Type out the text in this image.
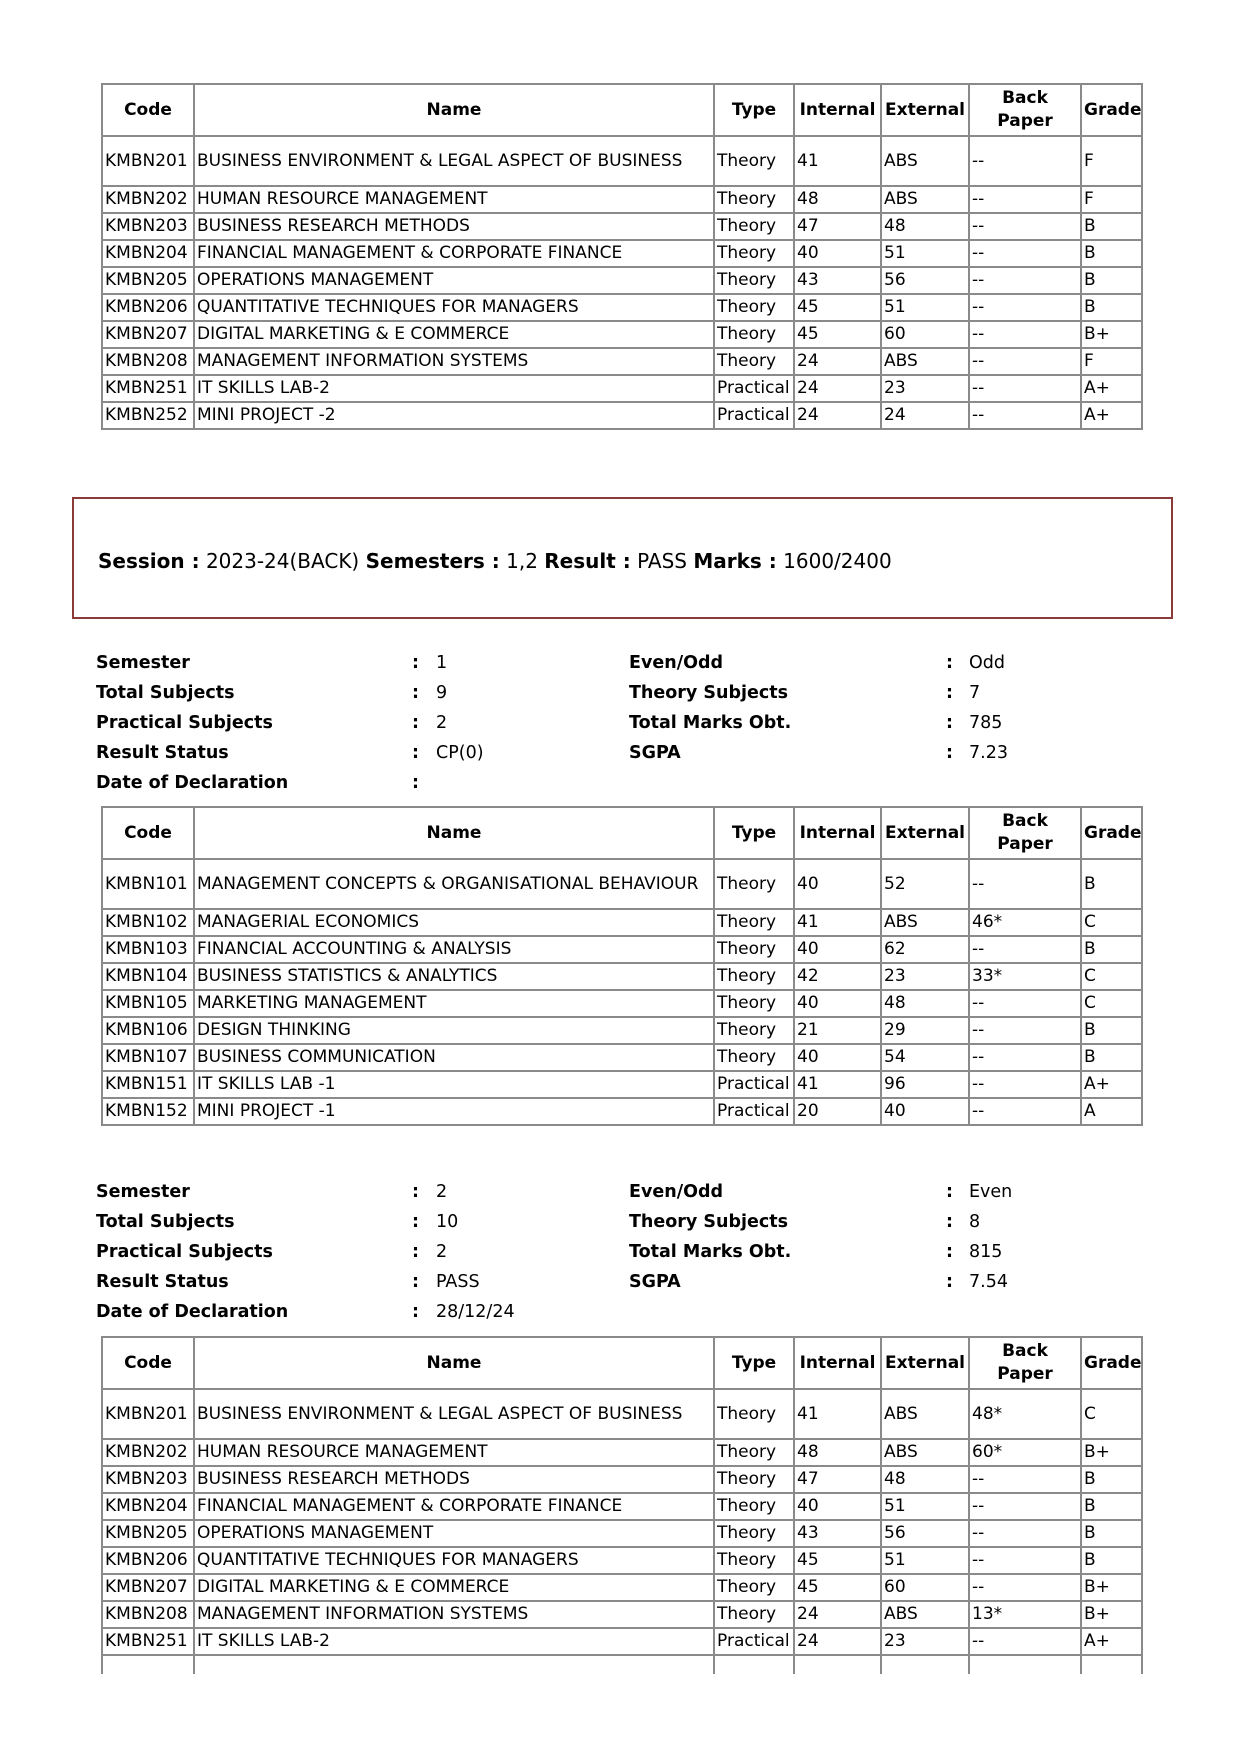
Code	Name	Type	Internal	External	Back Paper	Grade
KMBN201	BUSINESS ENVIRONMENT & LEGAL ASPECT OF BUSINESS	Theory	41	ABS	--	F
KMBN202	HUMAN RESOURCE MANAGEMENT	Theory	48	ABS	--	F
KMBN203	BUSINESS RESEARCH METHODS	Theory	47	48	--	B
KMBN204	FINANCIAL MANAGEMENT & CORPORATE FINANCE	Theory	40	51	--	B
KMBN205	OPERATIONS MANAGEMENT	Theory	43	56	--	B
KMBN206	QUANTITATIVE TECHNIQUES FOR MANAGERS	Theory	45	51	--	B
KMBN207	DIGITAL MARKETING & E COMMERCE	Theory	45	60	--	B+
KMBN208	MANAGEMENT INFORMATION SYSTEMS	Theory	24	ABS	--	F
KMBN251	IT SKILLS LAB-2	Practical	24	23	--	A+
KMBN252	MINI PROJECT -2	Practical	24	24	--	A+
Session : 2023-24(BACK) Semesters : 1,2 Result : PASS Marks : 1600/2400
Semester	: 1	Even/Odd	: Odd
Total Subjects	: 9	Theory Subjects	: 7
Practical Subjects	: 2	Total Marks Obt.	: 785
Result Status	: CP(0)	SGPA	: 7.23
Date of Declaration	:
Code	Name	Type	Internal	External	Back Paper	Grade
KMBN101	MANAGEMENT CONCEPTS & ORGANISATIONAL BEHAVIOUR	Theory	40	52	--	B
KMBN102	MANAGERIAL ECONOMICS	Theory	41	ABS	46*	C
KMBN103	FINANCIAL ACCOUNTING & ANALYSIS	Theory	40	62	--	B
KMBN104	BUSINESS STATISTICS & ANALYTICS	Theory	42	23	33*	C
KMBN105	MARKETING MANAGEMENT	Theory	40	48	--	C
KMBN106	DESIGN THINKING	Theory	21	29	--	B
KMBN107	BUSINESS COMMUNICATION	Theory	40	54	--	B
KMBN151	IT SKILLS LAB -1	Practical	41	96	--	A+
KMBN152	MINI PROJECT -1	Practical	20	40	--	A
Semester	: 2	Even/Odd	: Even
Total Subjects	: 10	Theory Subjects	: 8
Practical Subjects	: 2	Total Marks Obt.	: 815
Result Status	: PASS	SGPA	: 7.54
Date of Declaration	: 28/12/24
Code	Name	Type	Internal	External	Back Paper	Grade
KMBN201	BUSINESS ENVIRONMENT & LEGAL ASPECT OF BUSINESS	Theory	41	ABS	48*	C
KMBN202	HUMAN RESOURCE MANAGEMENT	Theory	48	ABS	60*	B+
KMBN203	BUSINESS RESEARCH METHODS	Theory	47	48	--	B
KMBN204	FINANCIAL MANAGEMENT & CORPORATE FINANCE	Theory	40	51	--	B
KMBN205	OPERATIONS MANAGEMENT	Theory	43	56	--	B
KMBN206	QUANTITATIVE TECHNIQUES FOR MANAGERS	Theory	45	51	--	B
KMBN207	DIGITAL MARKETING & E COMMERCE	Theory	45	60	--	B+
KMBN208	MANAGEMENT INFORMATION SYSTEMS	Theory	24	ABS	13*	B+
KMBN251	IT SKILLS LAB-2	Practical	24	23	--	A+
